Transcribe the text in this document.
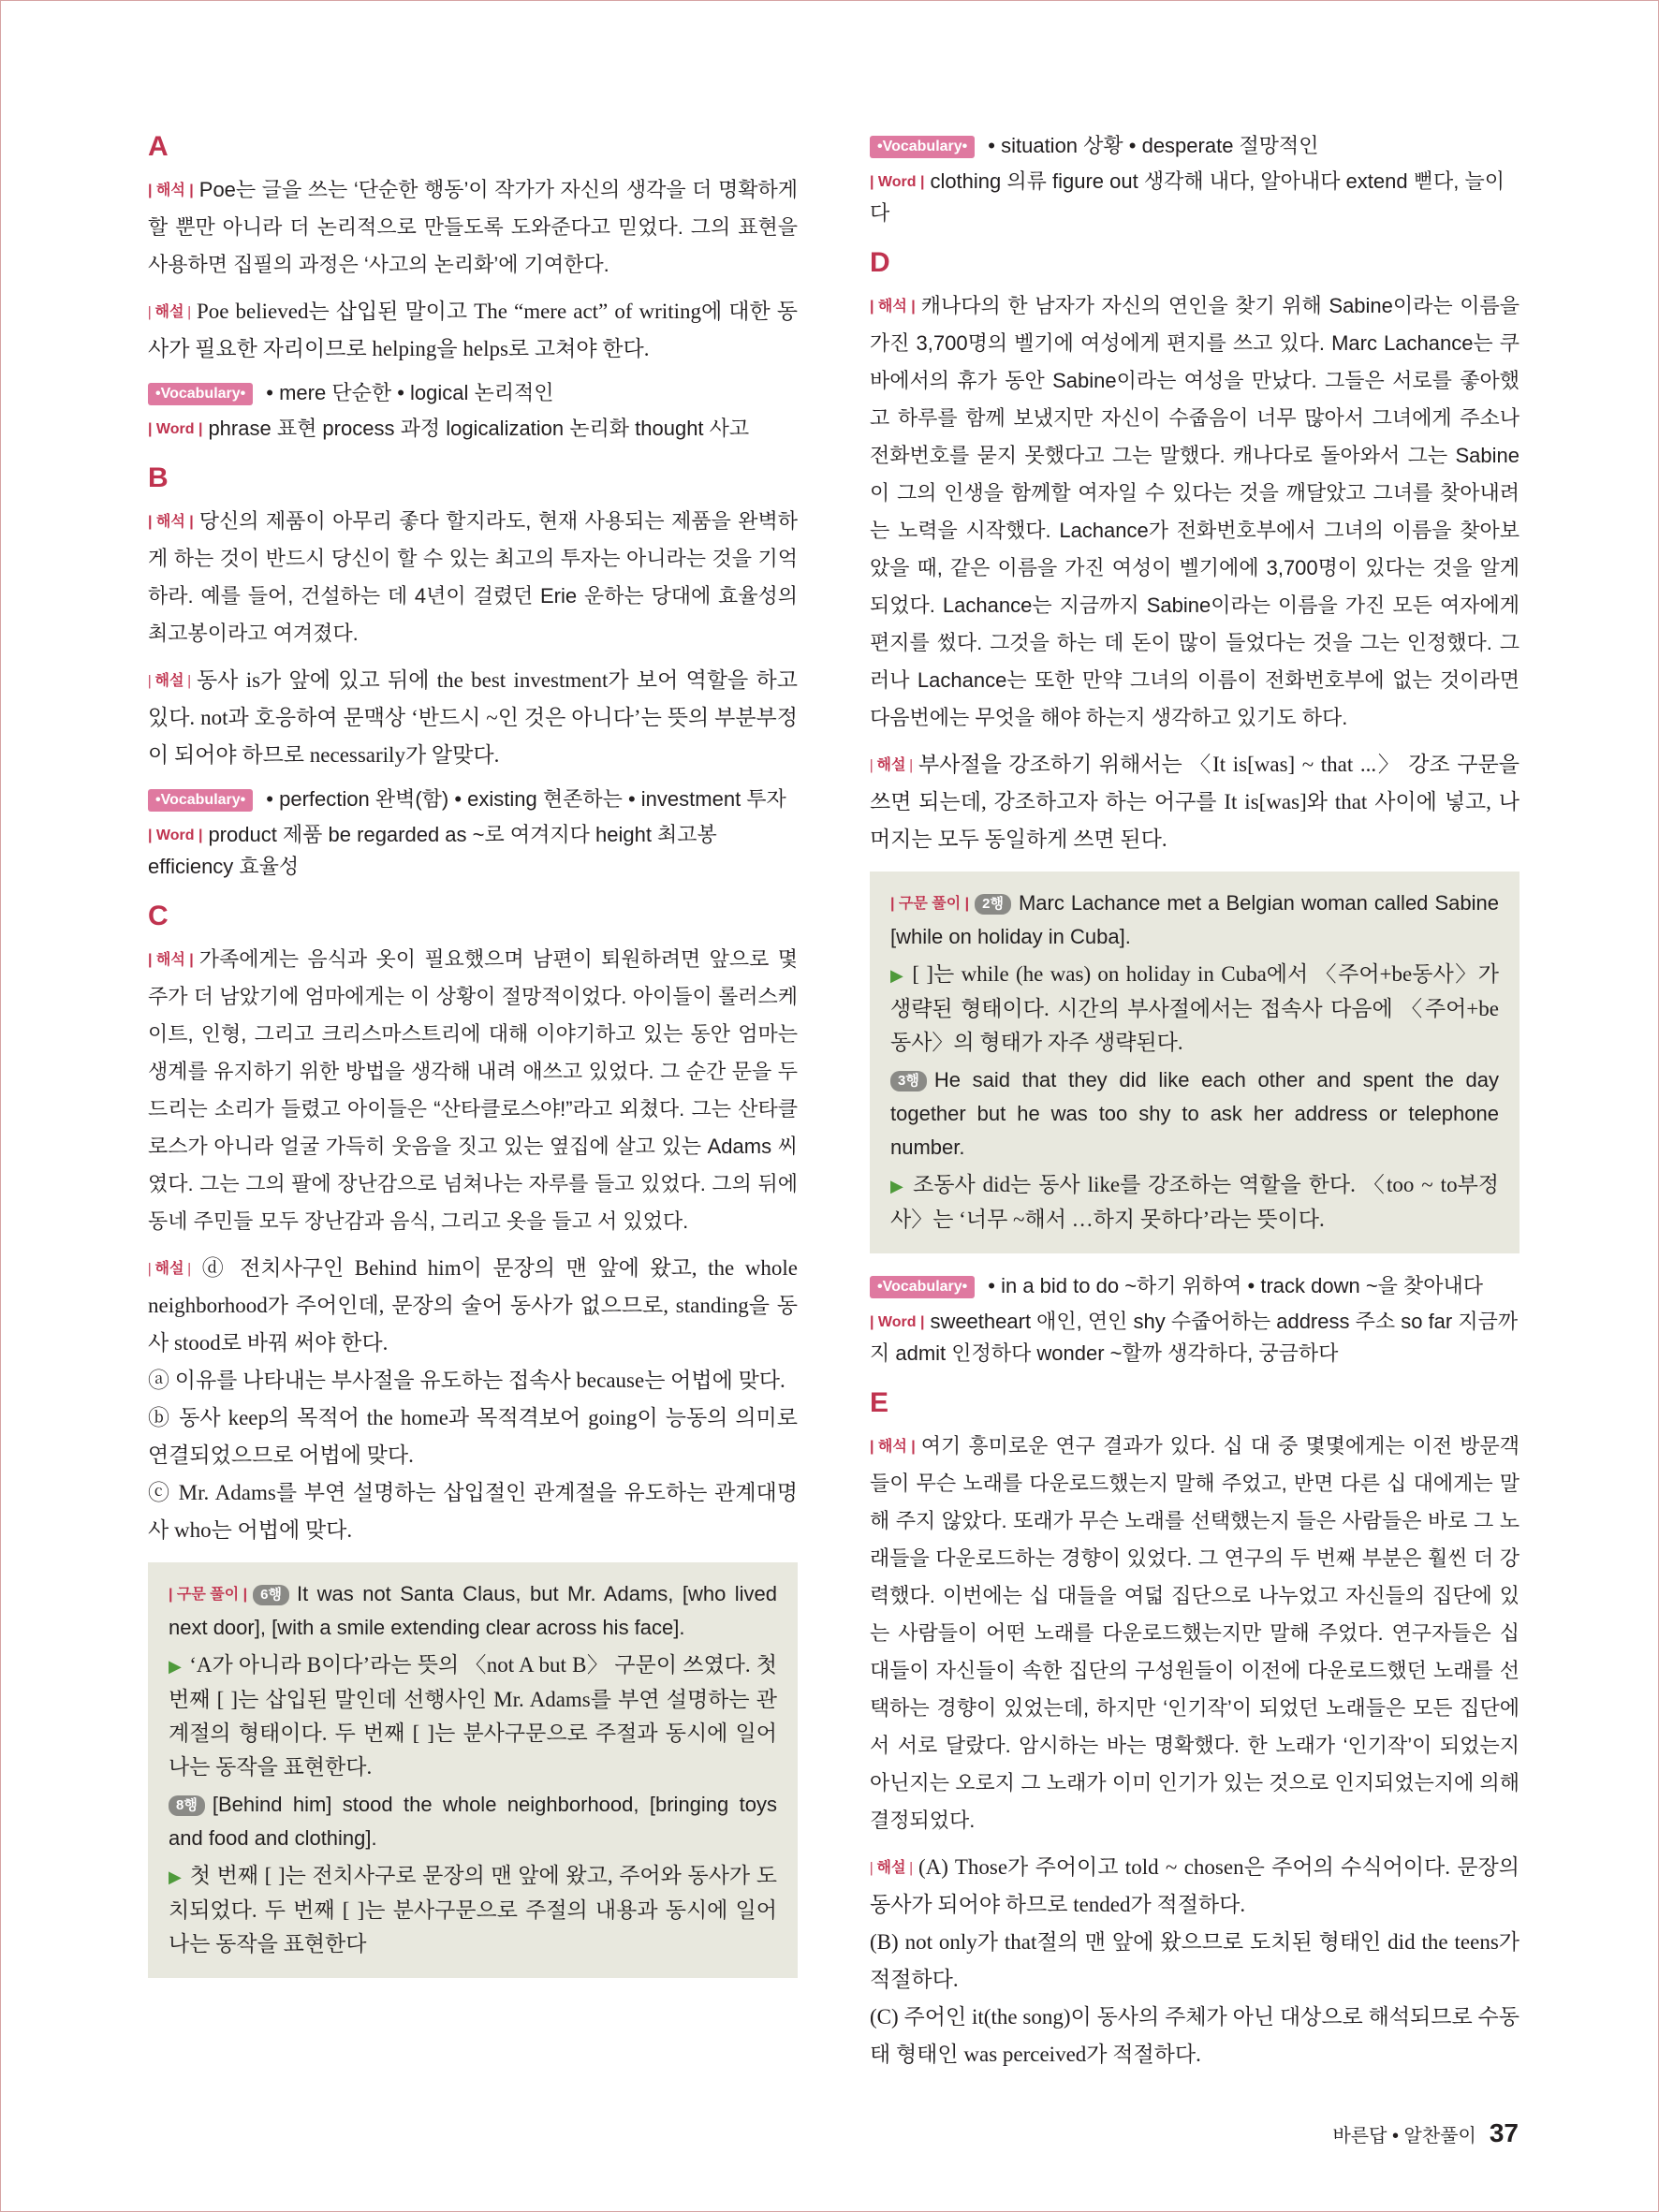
A

| 해석 | Poe는 글을 쓰는 ‘단순한 행동’이 작가가 자신의 생각을 더 명확하게 할 뿐만 아니라 더 논리적으로 만들도록 도와준다고 믿었다. 그의 표현을 사용하면 집필의 과정은 ‘사고의 논리화’에 기여한다.

| 해설 | Poe believed는 삽입된 말이고 The “mere act” of writing에 대한 동사가 필요한 자리이므로 helping을 helps로 고쳐야 한다.

•Vocabulary• • mere 단순한 • logical 논리적인
| Word | phrase 표현 process 과정 logicalization 논리화 thought 사고
B

| 해석 | 당신의 제품이 아무리 좋다 할지라도, 현재 사용되는 제품을 완벽하게 하는 것이 반드시 당신이 할 수 있는 최고의 투자는 아니라는 것을 기억하라. 예를 들어, 건설하는 데 4년이 걸렸던 Erie 운하는 당대에 효율성의 최고봉이라고 여겨졌다.

| 해설 | 동사 is가 앞에 있고 뒤에 the best investment가 보어 역할을 하고 있다. not과 호응하여 문맥상 ‘반드시 ~인 것은 아니다’는 뜻의 부분부정이 되어야 하므로 necessarily가 알맞다.

•Vocabulary• • perfection 완벽(함) • existing 현존하는 • investment 투자
| Word | product 제품 be regarded as ~로 여겨지다 height 최고봉 efficiency 효율성
C

| 해석 | 가족에게는 음식과 옷이 필요했으며 남편이 퇴원하려면 앞으로 몇 주가 더 남았기에 엄마에게는 이 상황이 절망적이었다. 아이들이 롤러스케이트, 인형, 그리고 크리스마스트리에 대해 이야기하고 있는 동안 엄마는 생계를 유지하기 위한 방법을 생각해 내려 애쓰고 있었다. 그 순간 문을 두드리는 소리가 들렸고 아이들은 “산타클로스야!”라고 외쳤다. 그는 산타클로스가 아니라 얼굴 가득히 웃음을 짓고 있는 옆집에 살고 있는 Adams 씨였다. 그는 그의 팔에 장난감으로 넘쳐나는 자루를 들고 있었다. 그의 뒤에 동네 주민들 모두 장난감과 음식, 그리고 옷을 들고 서 있었다.

| 해설 | ⓓ 전치사구인 Behind him이 문장의 맨 앞에 왔고, the whole neighborhood가 주어인데, 문장의 술어 동사가 없으므로, standing을 동사 stood로 바꿔 써야 한다.

ⓐ 이유를 나타내는 부사절을 유도하는 접속사 because는 어법에 맞다.

ⓑ 동사 keep의 목적어 the home과 목적격보어 going이 능동의 의미로 연결되었으므로 어법에 맞다.

ⓒ Mr. Adams를 부연 설명하는 삽입절인 관계절을 유도하는 관계대명사 who는 어법에 맞다.

| 구문 풀이 | 6행 It was not Santa Claus, but Mr. Adams, [who lived next door], [with a smile extending clear across his face].

▶ ‘A가 아니라 B이다’라는 뜻의 〈not A but B〉 구문이 쓰였다. 첫 번째 [ ]는 삽입된 말인데 선행사인 Mr. Adams를 부연 설명하는 관계절의 형태이다. 두 번째 [ ]는 분사구문으로 주절과 동시에 일어나는 동작을 표현한다.

8행 [Behind him] stood the whole neighborhood, [bringing toys and food and clothing].

▶ 첫 번째 [ ]는 전치사구로 문장의 맨 앞에 왔고, 주어와 동사가 도치되었다. 두 번째 [ ]는 분사구문으로 주절의 내용과 동시에 일어나는 동작을 표현한다

•Vocabulary• • situation 상황 • desperate 절망적인
| Word | clothing 의류 figure out 생각해 내다, 알아내다 extend 뻗다, 늘이다
D

| 해석 | 캐나다의 한 남자가 자신의 연인을 찾기 위해 Sabine이라는 이름을 가진 3,700명의 벨기에 여성에게 편지를 쓰고 있다. Marc Lachance는 쿠바에서의 휴가 동안 Sabine이라는 여성을 만났다. 그들은 서로를 좋아했고 하루를 함께 보냈지만 자신이 수줍음이 너무 많아서 그녀에게 주소나 전화번호를 묻지 못했다고 그는 말했다. 캐나다로 돌아와서 그는 Sabine이 그의 인생을 함께할 여자일 수 있다는 것을 깨달았고 그녀를 찾아내려는 노력을 시작했다. Lachance가 전화번호부에서 그녀의 이름을 찾아보았을 때, 같은 이름을 가진 여성이 벨기에에 3,700명이 있다는 것을 알게 되었다. Lachance는 지금까지 Sabine이라는 이름을 가진 모든 여자에게 편지를 썼다. 그것을 하는 데 돈이 많이 들었다는 것을 그는 인정했다. 그러나 Lachance는 또한 만약 그녀의 이름이 전화번호부에 없는 것이라면 다음번에는 무엇을 해야 하는지 생각하고 있기도 하다.

| 해설 | 부사절을 강조하기 위해서는 〈It is[was] ~ that ...〉 강조 구문을 쓰면 되는데, 강조하고자 하는 어구를 It is[was]와 that 사이에 넣고, 나머지는 모두 동일하게 쓰면 된다.

| 구문 풀이 | 2행 Marc Lachance met a Belgian woman called Sabine [while on holiday in Cuba].

▶ [ ]는 while (he was) on holiday in Cuba에서 〈주어+be동사〉가 생략된 형태이다. 시간의 부사절에서는 접속사 다음에 〈주어+be동사〉의 형태가 자주 생략된다.

3행 He said that they did like each other and spent the day together but he was too shy to ask her address or telephone number.

▶ 조동사 did는 동사 like를 강조하는 역할을 한다. 〈too ~ to부정사〉는 ‘너무 ~해서 …하지 못하다’라는 뜻이다.

•Vocabulary• • in a bid to do ~하기 위하여 • track down ~을 찾아내다
| Word | sweetheart 애인, 연인 shy 수줍어하는 address 주소 so far 지금까지 admit 인정하다 wonder ~할까 생각하다, 궁금하다
E

| 해석 | 여기 흥미로운 연구 결과가 있다. 십 대 중 몇몇에게는 이전 방문객들이 무슨 노래를 다운로드했는지 말해 주었고, 반면 다른 십 대에게는 말해 주지 않았다. 또래가 무슨 노래를 선택했는지 들은 사람들은 바로 그 노래들을 다운로드하는 경향이 있었다. 그 연구의 두 번째 부분은 훨씬 더 강력했다. 이번에는 십 대들을 여덟 집단으로 나누었고 자신들의 집단에 있는 사람들이 어떤 노래를 다운로드했는지만 말해 주었다. 연구자들은 십 대들이 자신들이 속한 집단의 구성원들이 이전에 다운로드했던 노래를 선택하는 경향이 있었는데, 하지만 ‘인기작’이 되었던 노래들은 모든 집단에서 서로 달랐다. 암시하는 바는 명확했다. 한 노래가 ‘인기작’이 되었는지 아닌지는 오로지 그 노래가 이미 인기가 있는 것으로 인지되었는지에 의해 결정되었다.

| 해설 | (A) Those가 주어이고 told ~ chosen은 주어의 수식어이다. 문장의 동사가 되어야 하므로 tended가 적절하다.

(B) not only가 that절의 맨 앞에 왔으므로 도치된 형태인 did the teens가 적절하다.

(C) 주어인 it(the song)이 동사의 주체가 아닌 대상으로 해석되므로 수동태 형태인 was perceived가 적절하다.

바른답 • 알찬풀이 37
